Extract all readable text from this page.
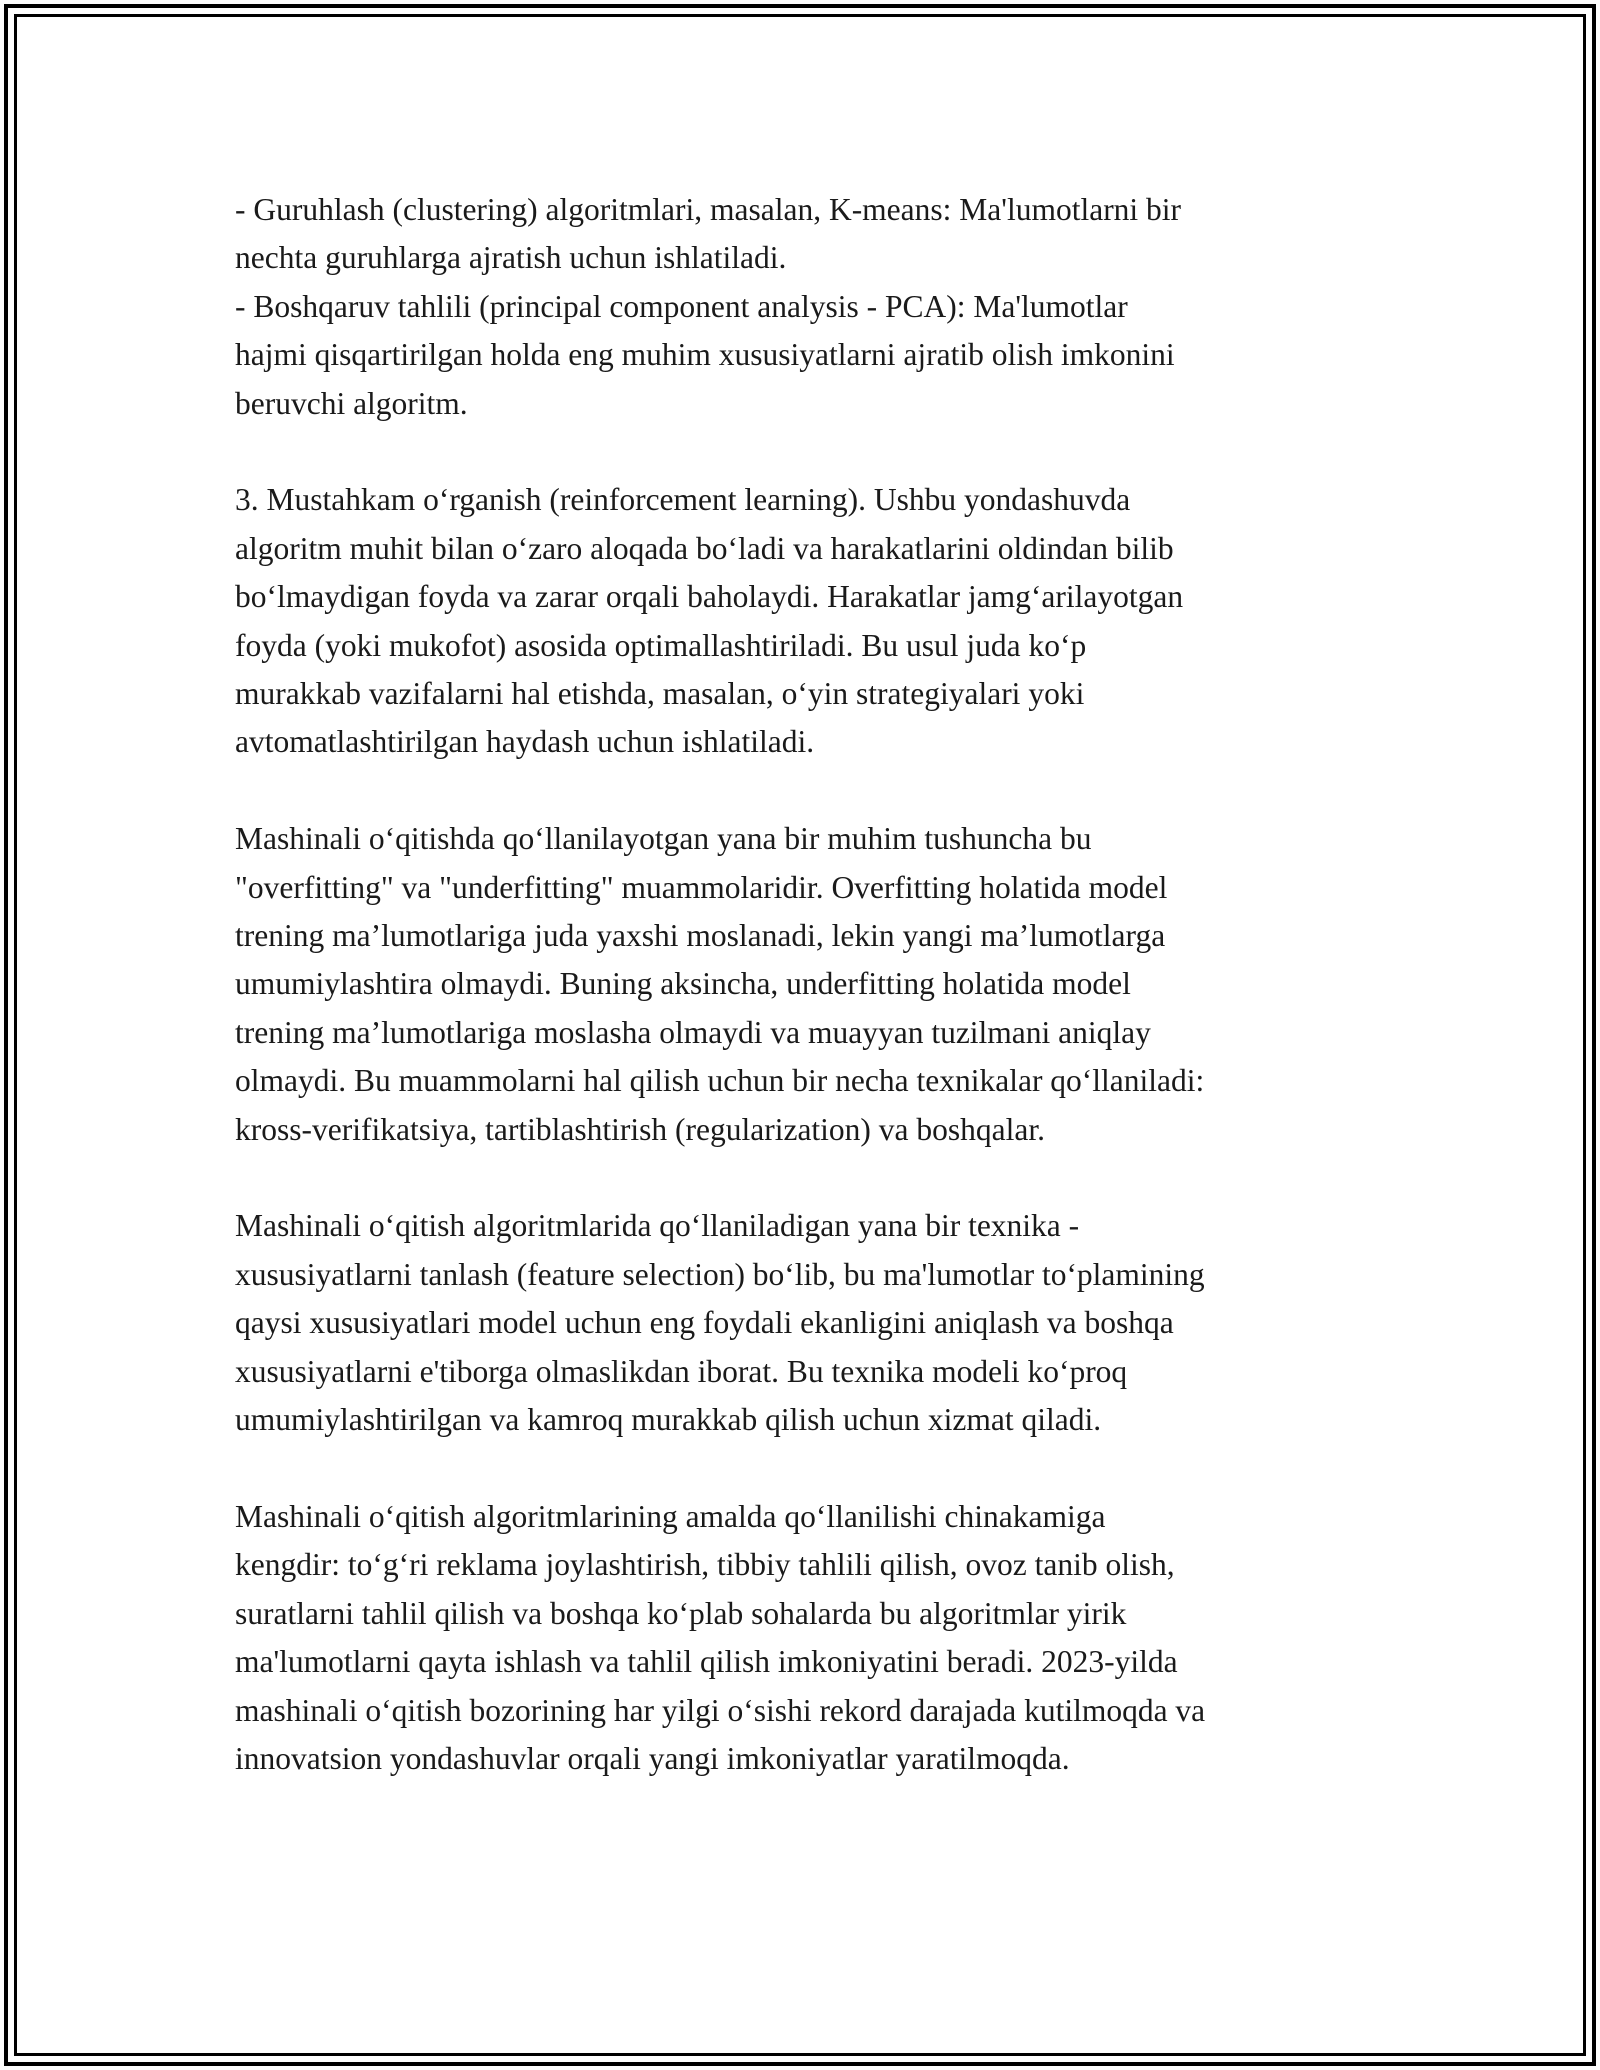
- Guruhlash (clustering) algoritmlari, masalan, K-means: Ma'lumotlarni bir
nechta guruhlarga ajratish uchun ishlatiladi.
- Boshqaruv tahlili (principal component analysis - PCA): Ma'lumotlar
hajmi qisqartirilgan holda eng muhim xususiyatlarni ajratib olish imkonini
beruvchi algoritm.

3. Mustahkam oʻrganish (reinforcement learning). Ushbu yondashuvda
algoritm muhit bilan oʻzaro aloqada boʻladi va harakatlarini oldindan bilib
boʻlmaydigan foyda va zarar orqali baholaydi. Harakatlar jamgʻarilayotgan
foyda (yoki mukofot) asosida optimallashtiriladi. Bu usul juda koʻp
murakkab vazifalarni hal etishda, masalan, oʻyin strategiyalari yoki
avtomatlashtirilgan haydash uchun ishlatiladi.

Mashinali oʻqitishda qoʻllanilayotgan yana bir muhim tushuncha bu
"overfitting" va "underfitting" muammolaridir. Overfitting holatida model
trening ma’lumotlariga juda yaxshi moslanadi, lekin yangi ma’lumotlarga
umumiylashtira olmaydi. Buning aksincha, underfitting holatida model
trening ma’lumotlariga moslasha olmaydi va muayyan tuzilmani aniqlay
olmaydi. Bu muammolarni hal qilish uchun bir necha texnikalar qoʻllaniladi:
kross-verifikatsiya, tartiblashtirish (regularization) va boshqalar.

Mashinali oʻqitish algoritmlarida qoʻllaniladigan yana bir texnika -
xususiyatlarni tanlash (feature selection) boʻlib, bu ma'lumotlar toʻplamining
qaysi xususiyatlari model uchun eng foydali ekanligini aniqlash va boshqa
xususiyatlarni e'tiborga olmaslikdan iborat. Bu texnika modeli koʻproq
umumiylashtirilgan va kamroq murakkab qilish uchun xizmat qiladi.

Mashinali oʻqitish algoritmlarining amalda qoʻllanilishi chinakamiga
kengdir: toʻgʻri reklama joylashtirish, tibbiy tahlili qilish, ovoz tanib olish,
suratlarni tahlil qilish va boshqa koʻplab sohalarda bu algoritmlar yirik
ma'lumotlarni qayta ishlash va tahlil qilish imkoniyatini beradi. 2023-yilda
mashinali oʻqitish bozorining har yilgi oʻsishi rekord darajada kutilmoqda va
innovatsion yondashuvlar orqali yangi imkoniyatlar yaratilmoqda.
